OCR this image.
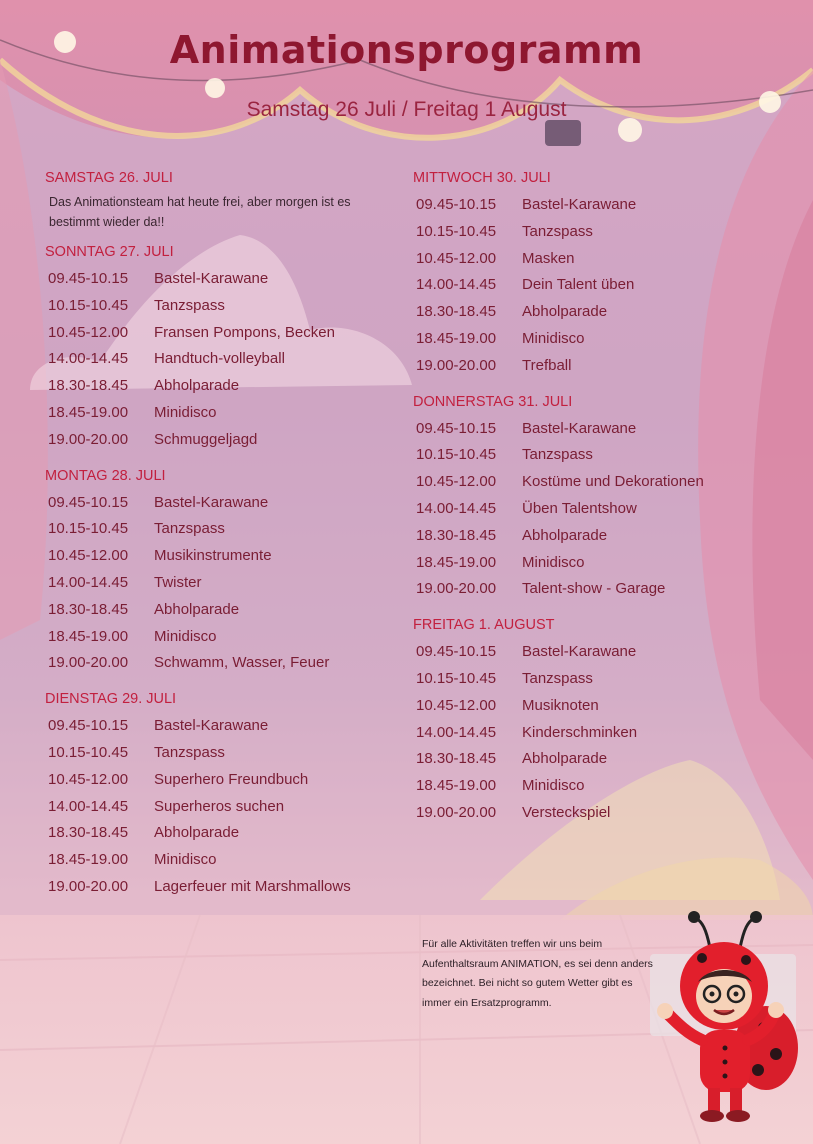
Animationsprogramm
Samstag 26 Juli / Freitag 1 August
SAMSTAG 26. JULI
Das Animationsteam hat heute frei, aber morgen ist es bestimmt wieder da!!
SONNTAG 27. JULI
09.45-10.15	Bastel-Karawane
10.15-10.45	Tanzspass
10.45-12.00	Fransen Pompons, Becken
14.00-14.45	Handtuch-volleyball
18.30-18.45	Abholparade
18.45-19.00	Minidisco
19.00-20.00	Schmuggeljagd
MONTAG 28. JULI
09.45-10.15	Bastel-Karawane
10.15-10.45	Tanzspass
10.45-12.00	Musikinstrumente
14.00-14.45	Twister
18.30-18.45	Abholparade
18.45-19.00	Minidisco
19.00-20.00	Schwamm, Wasser, Feuer
DIENSTAG 29. JULI
09.45-10.15	Bastel-Karawane
10.15-10.45	Tanzspass
10.45-12.00	Superhero Freundbuch
14.00-14.45	Superheros suchen
18.30-18.45	Abholparade
18.45-19.00	Minidisco
19.00-20.00	Lagerfeuer mit Marshmallows
MITTWOCH 30. JULI
09.45-10.15	Bastel-Karawane
10.15-10.45	Tanzspass
10.45-12.00	Masken
14.00-14.45	Dein Talent üben
18.30-18.45	Abholparade
18.45-19.00	Minidisco
19.00-20.00	Trefball
DONNERSTAG 31. JULI
09.45-10.15	Bastel-Karawane
10.15-10.45	Tanzspass
10.45-12.00	Kostüme und Dekorationen
14.00-14.45	Üben Talentshow
18.30-18.45	Abholparade
18.45-19.00	Minidisco
19.00-20.00	Talent-show - Garage
FREITAG 1. AUGUST
09.45-10.15	Bastel-Karawane
10.15-10.45	Tanzspass
10.45-12.00	Musiknoten
14.00-14.45	Kinderschminken
18.30-18.45	Abholparade
18.45-19.00	Minidisco
19.00-20.00	Versteckspiel
Für alle Aktivitäten treffen wir uns beim Aufenthaltsraum ANIMATION, es sei denn anders bezeichnet. Bei nicht so gutem Wetter gibt es immer ein Ersatzprogramm.
